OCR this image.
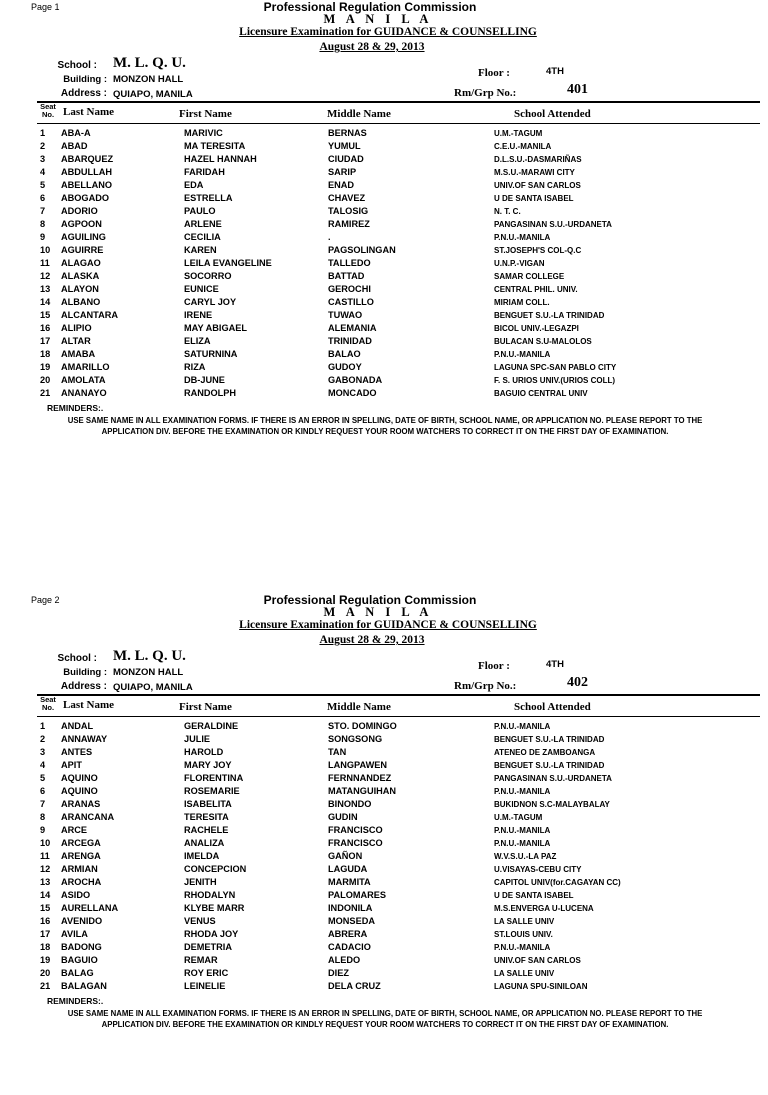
Page 1	Professional Regulation Commission
M A N I L A
Licensure Examination for GUIDANCE & COUNSELLING
August 28 & 29, 2013
School : M. L. Q. U.
Building : MONZON HALL
Address : QUIAPO, MANILA
Floor :	4TH
Rm/Grp No.:	401
Seat No. Last Name	First Name	Middle Name	School Attended
1 ABA-A	MARIVIC	BERNAS	U.M.-TAGUM
2 ABAD	MA TERESITA	YUMUL	C.E.U.-MANILA
3 ABARQUEZ	HAZEL HANNAH	CIUDAD	D.L.S.U.-DASMARIÑAS
4 ABDULLAH	FARIDAH	SARIP	M.S.U.-MARAWI CITY
5 ABELLANO	EDA	ENAD	UNIV.OF SAN CARLOS
6 ABOGADO	ESTRELLA	CHAVEZ	U DE SANTA ISABEL
7 ADORIO	PAULO	TALOSIG	N. T. C.
8 AGPOON	ARLENE	RAMIREZ	PANGASINAN S.U.-URDANETA
9 AGUILING	CECILIA	.	P.N.U.-MANILA
10 AGUIRRE	KAREN	PAGSOLINGAN	ST.JOSEPH'S COL-Q.C
11 ALAGAO	LEILA EVANGELINE	TALLEDO	U.N.P.-VIGAN
12 ALASKA	SOCORRO	BATTAD	SAMAR COLLEGE
13 ALAYON	EUNICE	GEROCHI	CENTRAL PHIL. UNIV.
14 ALBANO	CARYL JOY	CASTILLO	MIRIAM COLL.
15 ALCANTARA	IRENE	TUWAO	BENGUET S.U.-LA TRINIDAD
16 ALIPIO	MAY ABIGAEL	ALEMANIA	BICOL UNIV.-LEGAZPI
17 ALTAR	ELIZA	TRINIDAD	BULACAN S.U-MALOLOS
18 AMABA	SATURNINA	BALAO	P.N.U.-MANILA
19 AMARILLO	RIZA	GUDOY	LAGUNA SPC-SAN PABLO CITY
20 AMOLATA	DB-JUNE	GABONADA	F. S. URIOS UNIV.(URIOS COLL)
21 ANANAYO	RANDOLPH	MONCADO	BAGUIO CENTRAL UNIV
REMINDERS:.
USE SAME NAME IN ALL EXAMINATION FORMS. IF THERE IS AN ERROR IN SPELLING, DATE OF BIRTH, SCHOOL NAME, OR APPLICATION NO. PLEASE REPORT TO THE
APPLICATION DIV. BEFORE THE EXAMINATION OR KINDLY REQUEST YOUR ROOM WATCHERS TO CORRECT IT ON THE FIRST DAY OF EXAMINATION.
Page 2	Professional Regulation Commission
M A N I L A
Licensure Examination for GUIDANCE & COUNSELLING
August 28 & 29, 2013
School : M. L. Q. U.
Building : MONZON HALL
Address : QUIAPO, MANILA
Floor :	4TH
Rm/Grp No.:	402
Seat No. Last Name	First Name	Middle Name	School Attended
1 ANDAL	GERALDINE	STO. DOMINGO	P.N.U.-MANILA
2 ANNAWAY	JULIE	SONGSONG	BENGUET S.U.-LA TRINIDAD
3 ANTES	HAROLD	TAN	ATENEO DE ZAMBOANGA
4 APIT	MARY JOY	LANGPAWEN	BENGUET S.U.-LA TRINIDAD
5 AQUINO	FLORENTINA	FERNNANDEZ	PANGASINAN S.U.-URDANETA
6 AQUINO	ROSEMARIE	MATANGUIHAN	P.N.U.-MANILA
7 ARANAS	ISABELITA	BINONDO	BUKIDNON S.C-MALAYBALAY
8 ARANCANA	TERESITA	GUDIN	U.M.-TAGUM
9 ARCE	RACHELE	FRANCISCO	P.N.U.-MANILA
10 ARCEGA	ANALIZA	FRANCISCO	P.N.U.-MANILA
11 ARENGA	IMELDA	GAÑON	W.V.S.U.-LA PAZ
12 ARMIAN	CONCEPCION	LAGUDA	U.VISAYAS-CEBU CITY
13 AROCHA	JENITH	MARMITA	CAPITOL UNIV(for.CAGAYAN CC)
14 ASIDO	RHODALYN	PALOMARES	U DE SANTA ISABEL
15 AURELLANA	KLYBE MARR	INDONILA	M.S.ENVERGA U-LUCENA
16 AVENIDO	VENUS	MONSEDA	LA SALLE UNIV
17 AVILA	RHODA JOY	ABRERA	ST.LOUIS UNIV.
18 BADONG	DEMETRIA	CADACIO	P.N.U.-MANILA
19 BAGUIO	REMAR	ALEDO	UNIV.OF SAN CARLOS
20 BALAG	ROY ERIC	DIEZ	LA SALLE UNIV
21 BALAGAN	LEINELIE	DELA CRUZ	LAGUNA SPU-SINILOAN
REMINDERS:.
USE SAME NAME IN ALL EXAMINATION FORMS. IF THERE IS AN ERROR IN SPELLING, DATE OF BIRTH, SCHOOL NAME, OR APPLICATION NO. PLEASE REPORT TO THE
APPLICATION DIV. BEFORE THE EXAMINATION OR KINDLY REQUEST YOUR ROOM WATCHERS TO CORRECT IT ON THE FIRST DAY OF EXAMINATION.
